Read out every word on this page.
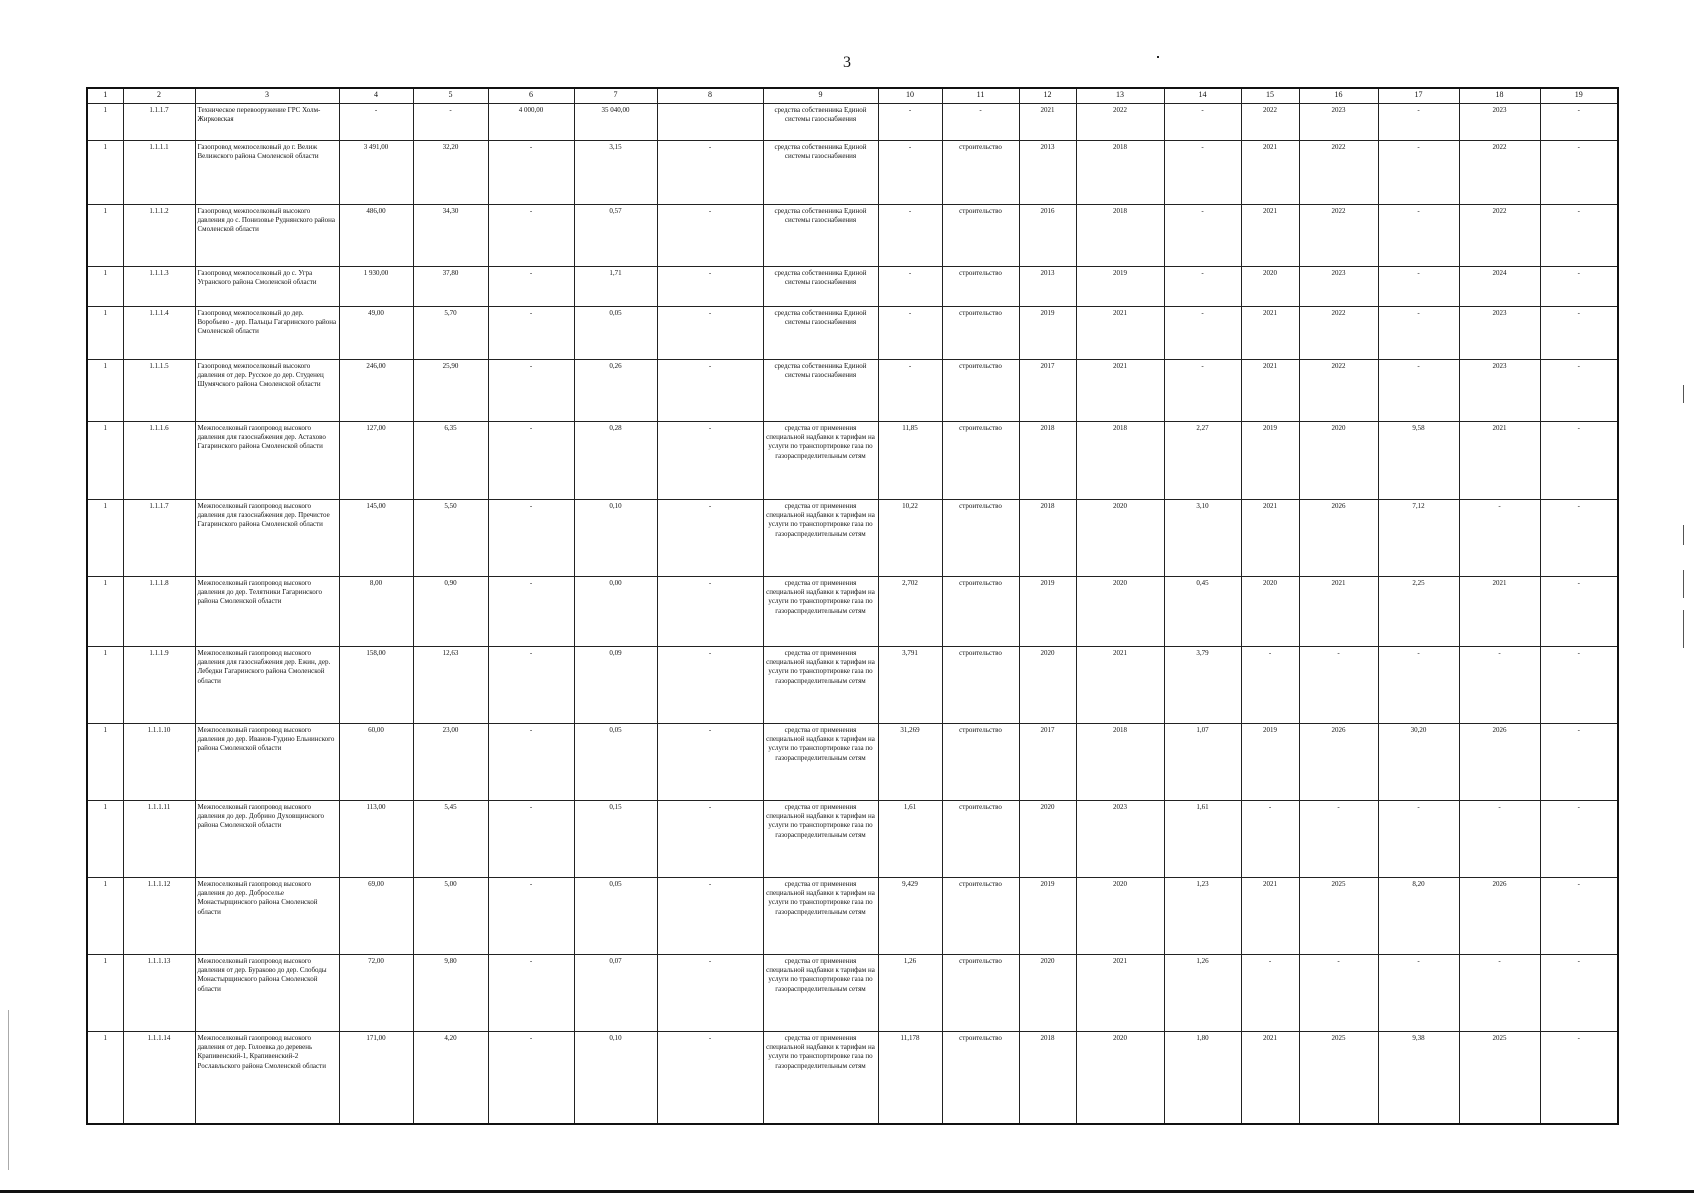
3
1	2	3	4	5	6	7	8	9	10	11	12	13	14	15	16	17	18	19
1	1.1.1.7	Техническое перевооружение ГРС Холм-Жирковская	-	-	4 000,00	35 040,00		средства собственника Единой системы газоснабжения	-	-	2021	2022	-	2022	2023	-	2023	-
1	1.1.1.1	Газопровод межпоселковый до г. Велиж Велижского района Смоленской области	3 491,00	32,20	-	3,15	-	средства собственника Единой системы газоснабжения	-	строительство	2013	2018	-	2021	2022	-	2022	-
1	1.1.1.2	Газопровод межпоселковый высокого давления до с. Понизовье Руднянского района Смоленской области	486,00	34,30	-	0,57	-	средства собственника Единой системы газоснабжения	-	строительство	2016	2018	-	2021	2022	-	2022	-
1	1.1.1.3	Газопровод межпоселковый до с. Угра Угранского района Смоленской области	1 930,00	37,80	-	1,71	-	средства собственника Единой системы газоснабжения	-	строительство	2013	2019	-	2020	2023	-	2024	-
1	1.1.1.4	Газопровод межпоселковый до дер. Воробьево - дер. Пальцы Гагаринского района Смоленской области	49,00	5,70	-	0,05	-	средства собственника Единой системы газоснабжения	-	строительство	2019	2021	-	2021	2022	-	2023	-
1	1.1.1.5	Газопровод межпоселковый высокого давления от дер. Русское до дер. Студенец Шумячского района Смоленской области	246,00	25,90	-	0,26	-	средства собственника Единой системы газоснабжения	-	строительство	2017	2021	-	2021	2022	-	2023	-
1	1.1.1.6	Межпоселковый газопровод высокого давления для газоснабжения дер. Астахово Гагаринского района Смоленской области	127,00	6,35	-	0,28	-	средства от применения специальной надбавки к тарифам на услуги по транспортировке газа по газораспределительным сетям	11,85	строительство	2018	2018	2,27	2019	2020	9,58	2021	-
1	1.1.1.7	Межпоселковый газопровод высокого давления для газоснабжения дер. Пречистое Гагаринского района Смоленской области	145,00	5,50	-	0,10	-	средства от применения специальной надбавки к тарифам на услуги по транспортировке газа по газораспределительным сетям	10,22	строительство	2018	2020	3,10	2021	2026	7,12	-	-
1	1.1.1.8	Межпоселковый газопровод высокого давления до дер. Телятники Гагаринского района Смоленской области	8,00	0,90	-	0,00	-	средства от применения специальной надбавки к тарифам на услуги по транспортировке газа по газораспределительным сетям	2,702	строительство	2019	2020	0,45	2020	2021	2,25	2021	-
1	1.1.1.9	Межпоселковый газопровод высокого давления для газоснабжения дер. Ежин, дер. Лебедки Гагаринского района Смоленской области	158,00	12,63	-	0,09	-	средства от применения специальной надбавки к тарифам на услуги по транспортировке газа по газораспределительным сетям	3,791	строительство	2020	2021	3,79	-	-	-	-	-
1	1.1.1.10	Межпоселковый газопровод высокого давления до дер. Иванов-Гудино Ельнинского района Смоленской области	60,00	23,00	-	0,05	-	средства от применения специальной надбавки к тарифам на услуги по транспортировке газа по газораспределительным сетям	31,269	строительство	2017	2018	1,07	2019	2026	30,20	2026	-
1	1.1.1.11	Межпоселковый газопровод высокого давления до дер. Добрино Духовщинского района Смоленской области	113,00	5,45	-	0,15	-	средства от применения специальной надбавки к тарифам на услуги по транспортировке газа по газораспределительным сетям	1,61	строительство	2020	2023	1,61	-	-	-	-	-
1	1.1.1.12	Межпоселковый газопровод высокого давления до дер. Доброселье Монастырщинского района Смоленской области	69,00	5,00	-	0,05	-	средства от применения специальной надбавки к тарифам на услуги по транспортировке газа по газораспределительным сетям	9,429	строительство	2019	2020	1,23	2021	2025	8,20	2026	-
1	1.1.1.13	Межпоселковый газопровод высокого давления от дер. Бураково до дер. Слободы Монастырщинского района Смоленской области	72,00	9,80	-	0,07	-	средства от применения специальной надбавки к тарифам на услуги по транспортировке газа по газораспределительным сетям	1,26	строительство	2020	2021	1,26	-	-	-	-	-
1	1.1.1.14	Межпоселковый газопровод высокого давления от дер. Голоевка до деревень Крапивенский-1, Крапивенский-2 Рославльского района Смоленской области	171,00	4,20	-	0,10	-	средства от применения специальной надбавки к тарифам на услуги по транспортировке газа по газораспределительным сетям	11,178	строительство	2018	2020	1,80	2021	2025	9,38	2025	-
